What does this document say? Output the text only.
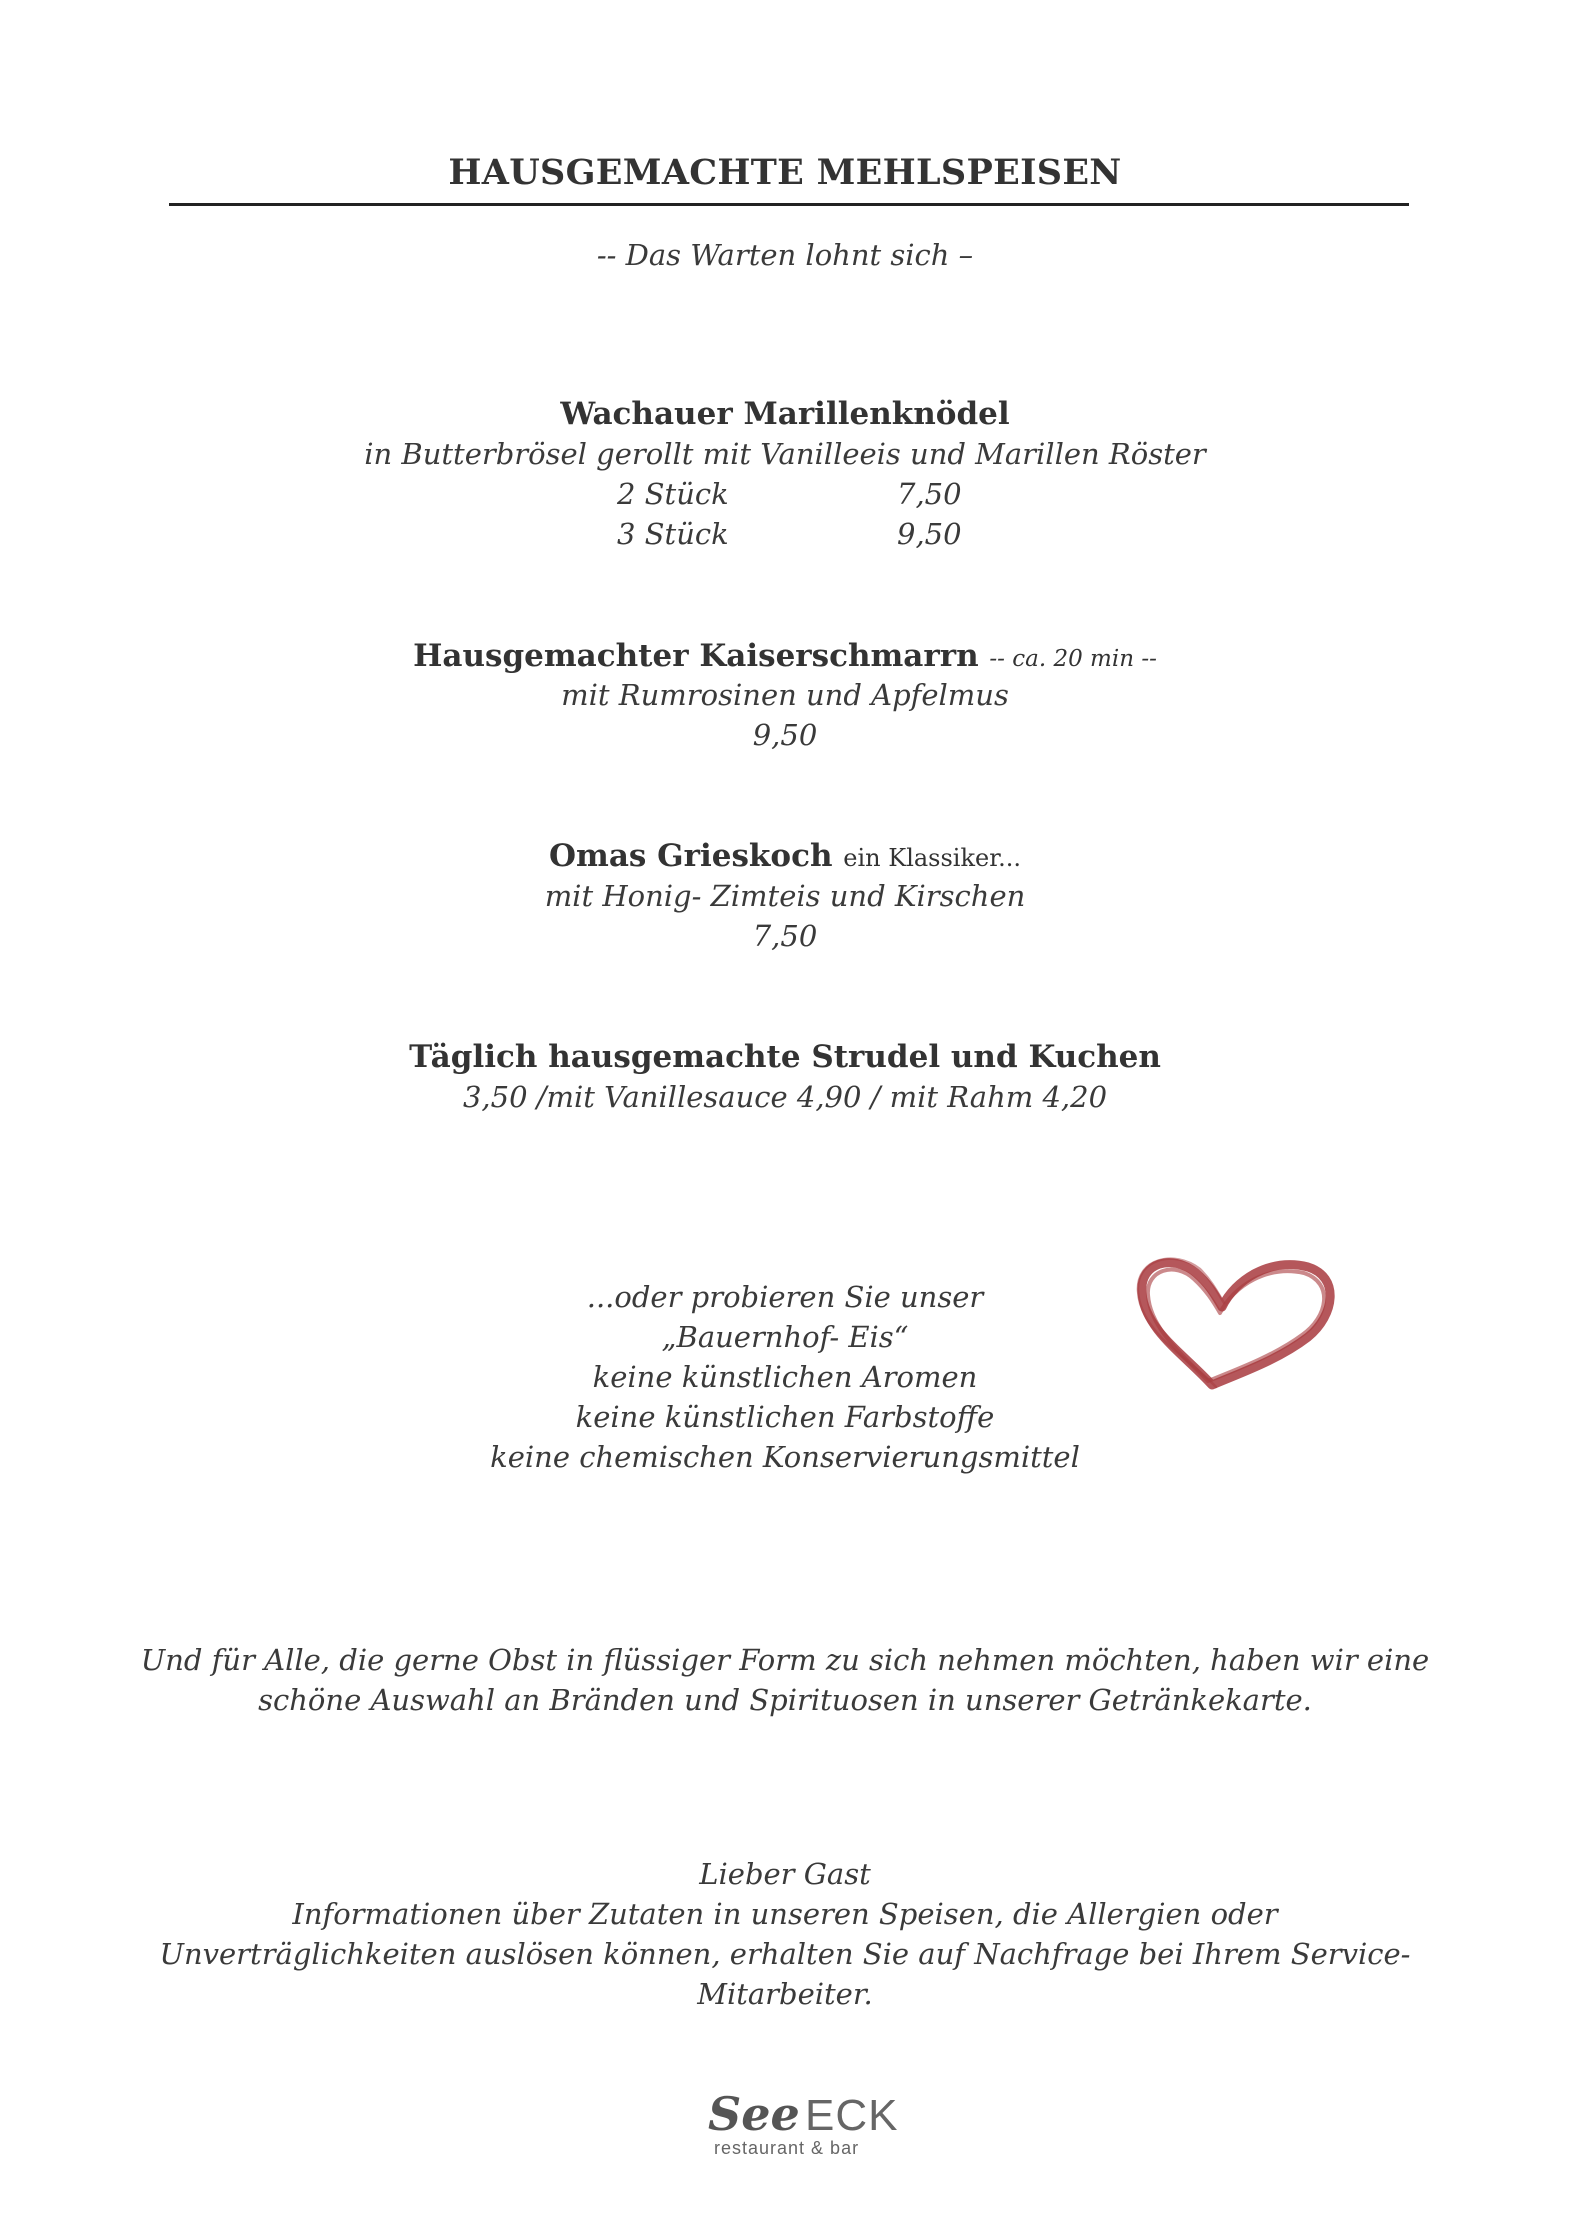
HAUSGEMACHTE MEHLSPEISEN
-- Das Warten lohnt sich –
Wachauer Marillenknödel
in Butterbrösel gerollt mit Vanilleeis und Marillen Röster
2 Stück	7,50
3 Stück	9,50
Hausgemachter Kaiserschmarrn -- ca. 20 min --
mit Rumrosinen und Apfelmus
9,50
Omas Grieskoch ein Klassiker...
mit Honig- Zimteis und Kirschen
7,50
Täglich hausgemachte Strudel und Kuchen
3,50 /mit Vanillesauce 4,90 / mit Rahm 4,20
...oder probieren Sie unser
„Bauernhof- Eis“
keine künstlichen Aromen
keine künstlichen Farbstoffe
keine chemischen Konservierungsmittel
Und für Alle, die gerne Obst in flüssiger Form zu sich nehmen möchten, haben wir eine
schöne Auswahl an Bränden und Spirituosen in unserer Getränkekarte.
Lieber Gast
Informationen über Zutaten in unseren Speisen, die Allergien oder
Unverträglichkeiten auslösen können, erhalten Sie auf Nachfrage bei Ihrem Service-
Mitarbeiter.
See ECK
restaurant & bar
